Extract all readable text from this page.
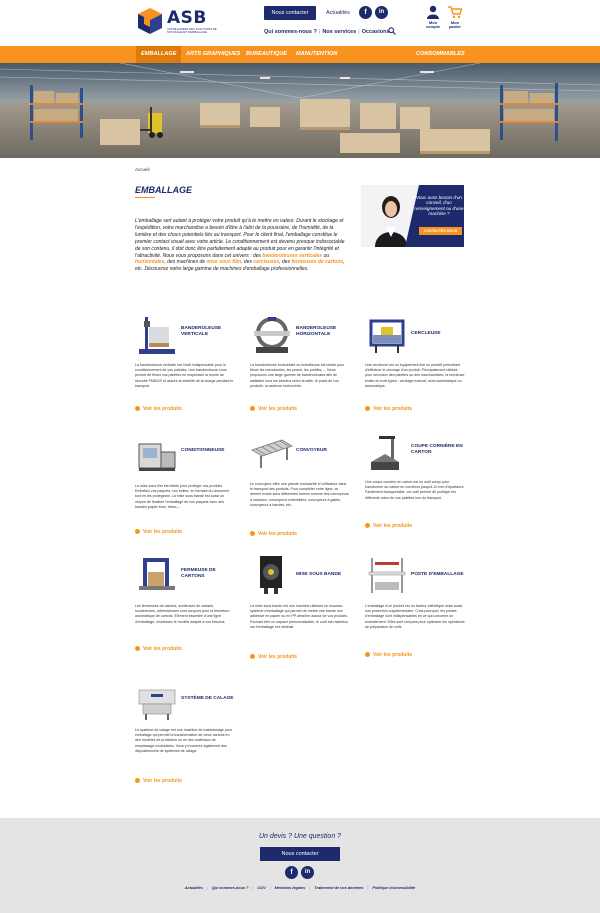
ASB
VOTRE EXPERT DES SOLUTIONS DE STOCKAGE ET D'EMBALLAGE
Nous contacter	Actualités	f	in
Qui sommes-nous ? | Nos services | Occasions
Mon compte
Mon panier
EMBALLAGE	ARTS GRAPHIQUES BUREAUTIQUE MANUTENTION	CONSOMMABLES
Accueil
EMBALLAGE
L'emballage sert autant à protéger votre produit qu'à le mettre en valeur. Durant le stockage et l'expédition, votre marchandise a besoin d'être à l'abri de la poussière, de l'humidité, de la lumière et des chocs potentiels liés au transport. Pour le client final, l'emballage constitue le premier contact visuel avec votre article. Le conditionnement est devenu presque indissociable de son contenu, il doit donc être parfaitement adapté au produit pour en garantir l'intégrité et l'attractivité. Nous vous proposons dans cet univers : des banderoleuses verticales ou horizontales, des machines de mise sous film, des cercleuses, des fermeuses de cartons, etc. Découvrez notre large gamme de machines d'emballage professionnelles.
Vous avez besoin d'un conseil, d'un renseignement ou d'une machine ?
CONTACTEZ-NOUS
BANDEROLEUSE VERTICALE
La banderoleuse verticale est l'outil indispensable pour le conditionnement de vos palettes. Une banderoleuse vous permet de filmer vos palettes en respectant la norme de sécurité FMMOS et assure la stabilité de la charge pendant le transport.
Voir les produits
BANDEROLEUSE HORIZONTALE
La banderoleuse horizontale ou emballeuse est idéale pour filmer les menuiseries, les pneus, les profilés, ... Nous proposons une large gamme de banderoleuses afin de satisfaire tous les besoins selon la taille, le poids de vos produits, la cadence recherchée.
Voir les produits
CERCLEUSE
Une cercleuse est un équipement fixe ou portatif permettant d'effectuer le cerclage d'un produit. Principalement utilisée pour sécuriser des palettes ou des marchandises, la cercleuse existe en trois types : cerclage manuel, semi-automatique ou automatique.
Voir les produits
CONDITIONNEUSE
La mise sous film est idéale pour protéger vos produits. Emballez vos paquets, vos boites, en formant du document tout en les protégeant. La mise sous bande est aussi un moyen de finaliser l'emballage de vos paquets avec des bandes papier brun, blanc,...
Voir les produits
CONVOYEUR
Le convoyeur offre une grande modularité à l'utilisateur dans le transport des produits. Pour compléter votre ligne, ce dernier existe sous différentes formes comme des convoyeurs à rouleaux, convoyeurs extensibles, convoyeurs à galets, convoyeurs à bandes, etc.
Voir les produits
COUPE CORNIÈRE EN CARTON
Une coupe cornière en carton est un outil conçu pour transformer du carton en cornières jusqu'à 10 mm d'épaisseur. Facilement transportable, cet outil permet de protéger les différents coins de vos palettes lors du transport.
Voir les produits
FERMEUSE DE CARTONS
Les fermeuses de cartons, scelleuses de caisses, scotcheuses, adhésiveuses sont conçues pour la fermeture automatique de cartons. Élément essentiel d'une ligne d'emballage, choisissez le modèle adapté à vos besoins.
Voir les produits
MISE SOUS BANDE
La mise sous bande est une machine utilisant un nouveau système d'emballage qui permet de mettre une bande non adhésive en papier ou en PP aitrail'en autour de vos produits. Pouvant être un espace personnalisable, le coût est maintenu car l'emballage est minimal.
Voir les produits
POSTE D'EMBALLAGE
L'emballage d'un produit est un facteur esthétique mais aussi une protection supplémentaire. C'est pourquoi, les postes d'emballage sont indispensables en ce qui concerne un emballement. Elles sont conçues pour optimiser les opérations de préparation de colis.
Voir les produits
SYSTÈME DE CALAGE
Le système de calage est une machine de matelassage pour emballage qui permet la transformation de vieux cartons en des modèles de protection ou en des matériaux de remplissage modulables. Vous y trouverez également des dispositionnels de systèmes de calage.
Voir les produits
Un devis ? Une question ?
Nous contacter
f	in
Actualités | Qui sommes-nous ? | CGV | Mentions légales | Traitement de vos données | Politique d'accessibilité
